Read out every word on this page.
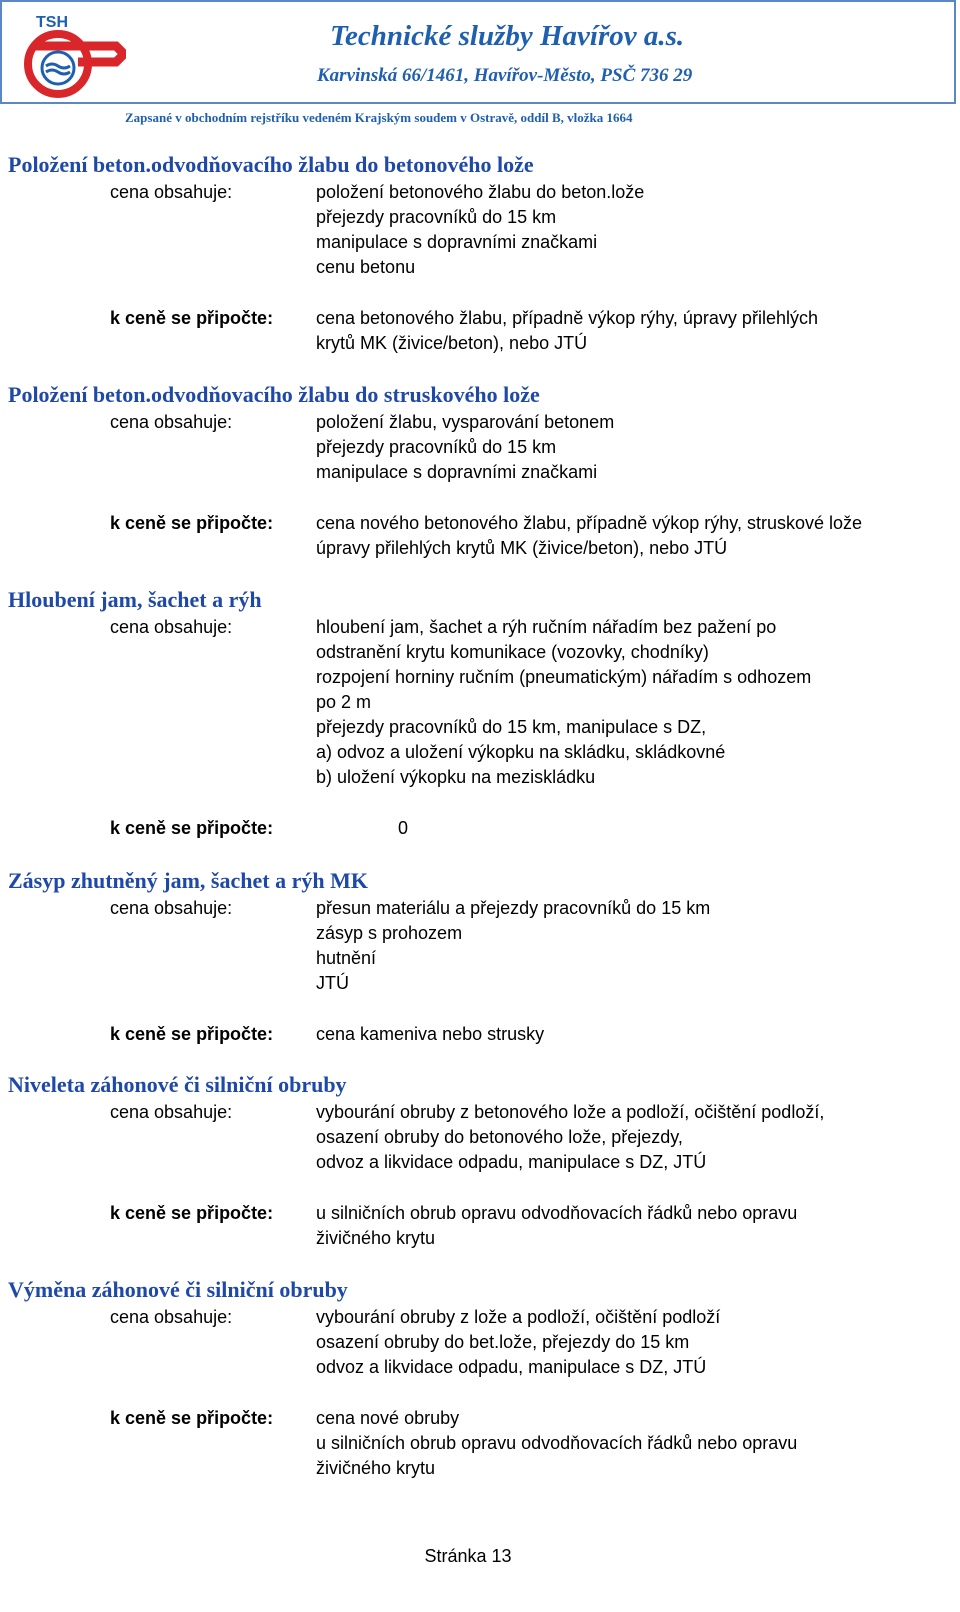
TSH	Technické služby Havířov a.s.
Karvinská 66/1461, Havířov-Město, PSČ 736 29
Zapsané v obchodním rejstříku vedeném Krajským soudem v Ostravě, oddíl B, vložka 1664
Položení beton.odvodňovacího žlabu do betonového lože
cena obsahuje:	položení betonového žlabu do beton.lože
přejezdy pracovníků do 15 km
manipulace s dopravními značkami
cenu betonu
k ceně se připočte: cena betonového žlabu, případně výkop rýhy, úpravy přilehlých
krytů MK (živice/beton), nebo JTÚ
Položení beton.odvodňovacího žlabu do struskového lože
cena obsahuje:	položení žlabu, vysparování betonem
přejezdy pracovníků do 15 km
manipulace s dopravními značkami
k ceně se připočte: cena nového betonového žlabu, případně výkop rýhy, struskové lože
úpravy přilehlých krytů MK (živice/beton), nebo JTÚ
Hloubení jam, šachet a rýh
cena obsahuje:	hloubení jam, šachet a rýh ručním nářadím bez pažení po
odstranění krytu komunikace (vozovky, chodníky)
rozpojení horniny ručním (pneumatickým) nářadím s odhozem
po 2 m
přejezdy pracovníků do 15 km, manipulace s DZ,
a) odvoz a uložení výkopku na skládku, skládkovné
b) uložení výkopku na meziskládku
k ceně se připočte:	0
Zásyp zhutněný jam, šachet a rýh MK
cena obsahuje:	přesun materiálu a přejezdy pracovníků do 15 km
zásyp s prohozem
hutnění
JTÚ
k ceně se připočte: cena kameniva nebo strusky
Niveleta záhonové či silniční obruby
cena obsahuje:	vybourání obruby z betonového lože a podloží, očištění podloží,
osazení obruby do betonového lože, přejezdy,
odvoz a likvidace odpadu, manipulace s DZ, JTÚ
k ceně se připočte: u silničních obrub opravu odvodňovacích řádků nebo opravu
živičného krytu
Výměna záhonové či silniční obruby
cena obsahuje:	vybourání obruby z lože a podloží, očištění podloží
osazení obruby do bet.lože, přejezdy do 15 km
odvoz a likvidace odpadu, manipulace s DZ, JTÚ
k ceně se připočte: cena nové obruby
u silničních obrub opravu odvodňovacích řádků nebo opravu
živičného krytu
Stránka 13
